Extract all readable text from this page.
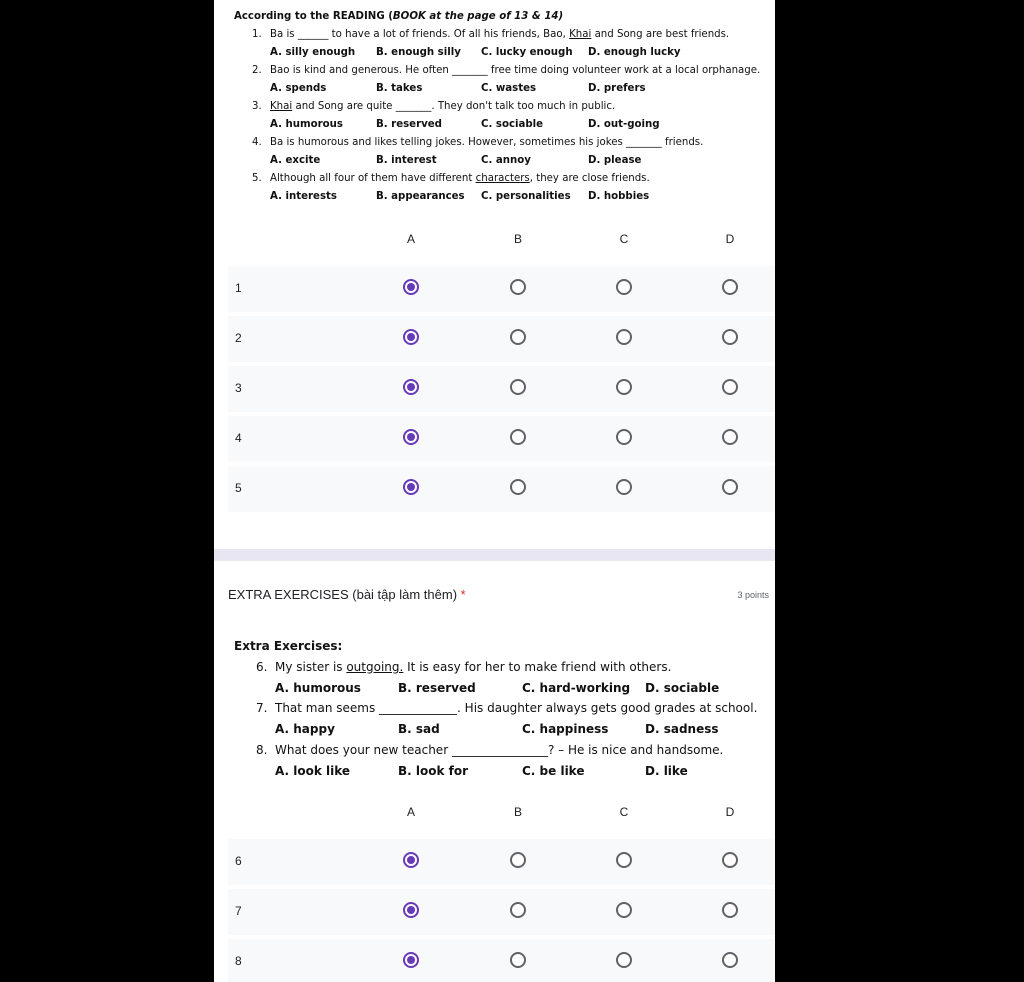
According to the READING (BOOK at the page of 13 & 14)
1. Ba is ______ to have a lot of friends. Of all his friends, Bao, Khai and Song are best friends.
A. silly enough B. enough silly C. lucky enough D. enough lucky
2. Bao is kind and generous. He often _______ free time doing volunteer work at a local orphanage.
A. spends	B. takes	C. wastes	D. prefers
3. Khai and Song are quite _______. They don't talk too much in public.
A. humorous	B. reserved	C. sociable	D. out-going
4. Ba is humorous and likes telling jokes. However, sometimes his jokes _______ friends.
A. excite	B. interest	C. annoy	D. please
5. Although all four of them have different characters, they are close friends.
A. interests	B. appearances C. personalities D. hobbies
A	B	C	D
1
2
3
4
5
EXTRA EXERCISES (bài tập làm thêm) *	3 points
Extra Exercises:
6. My sister is outgoing. It is easy for her to make friend with others.
A. humorous	B. reserved	C. hard-working D. sociable
7. That man seems _____________. His daughter always gets good grades at school.
A. happy	B. sad	C. happiness	D. sadness
8. What does your new teacher ________________? – He is nice and handsome.
A. look like	B. look for	C. be like	D. like
A	B	C	D
6
7
8
